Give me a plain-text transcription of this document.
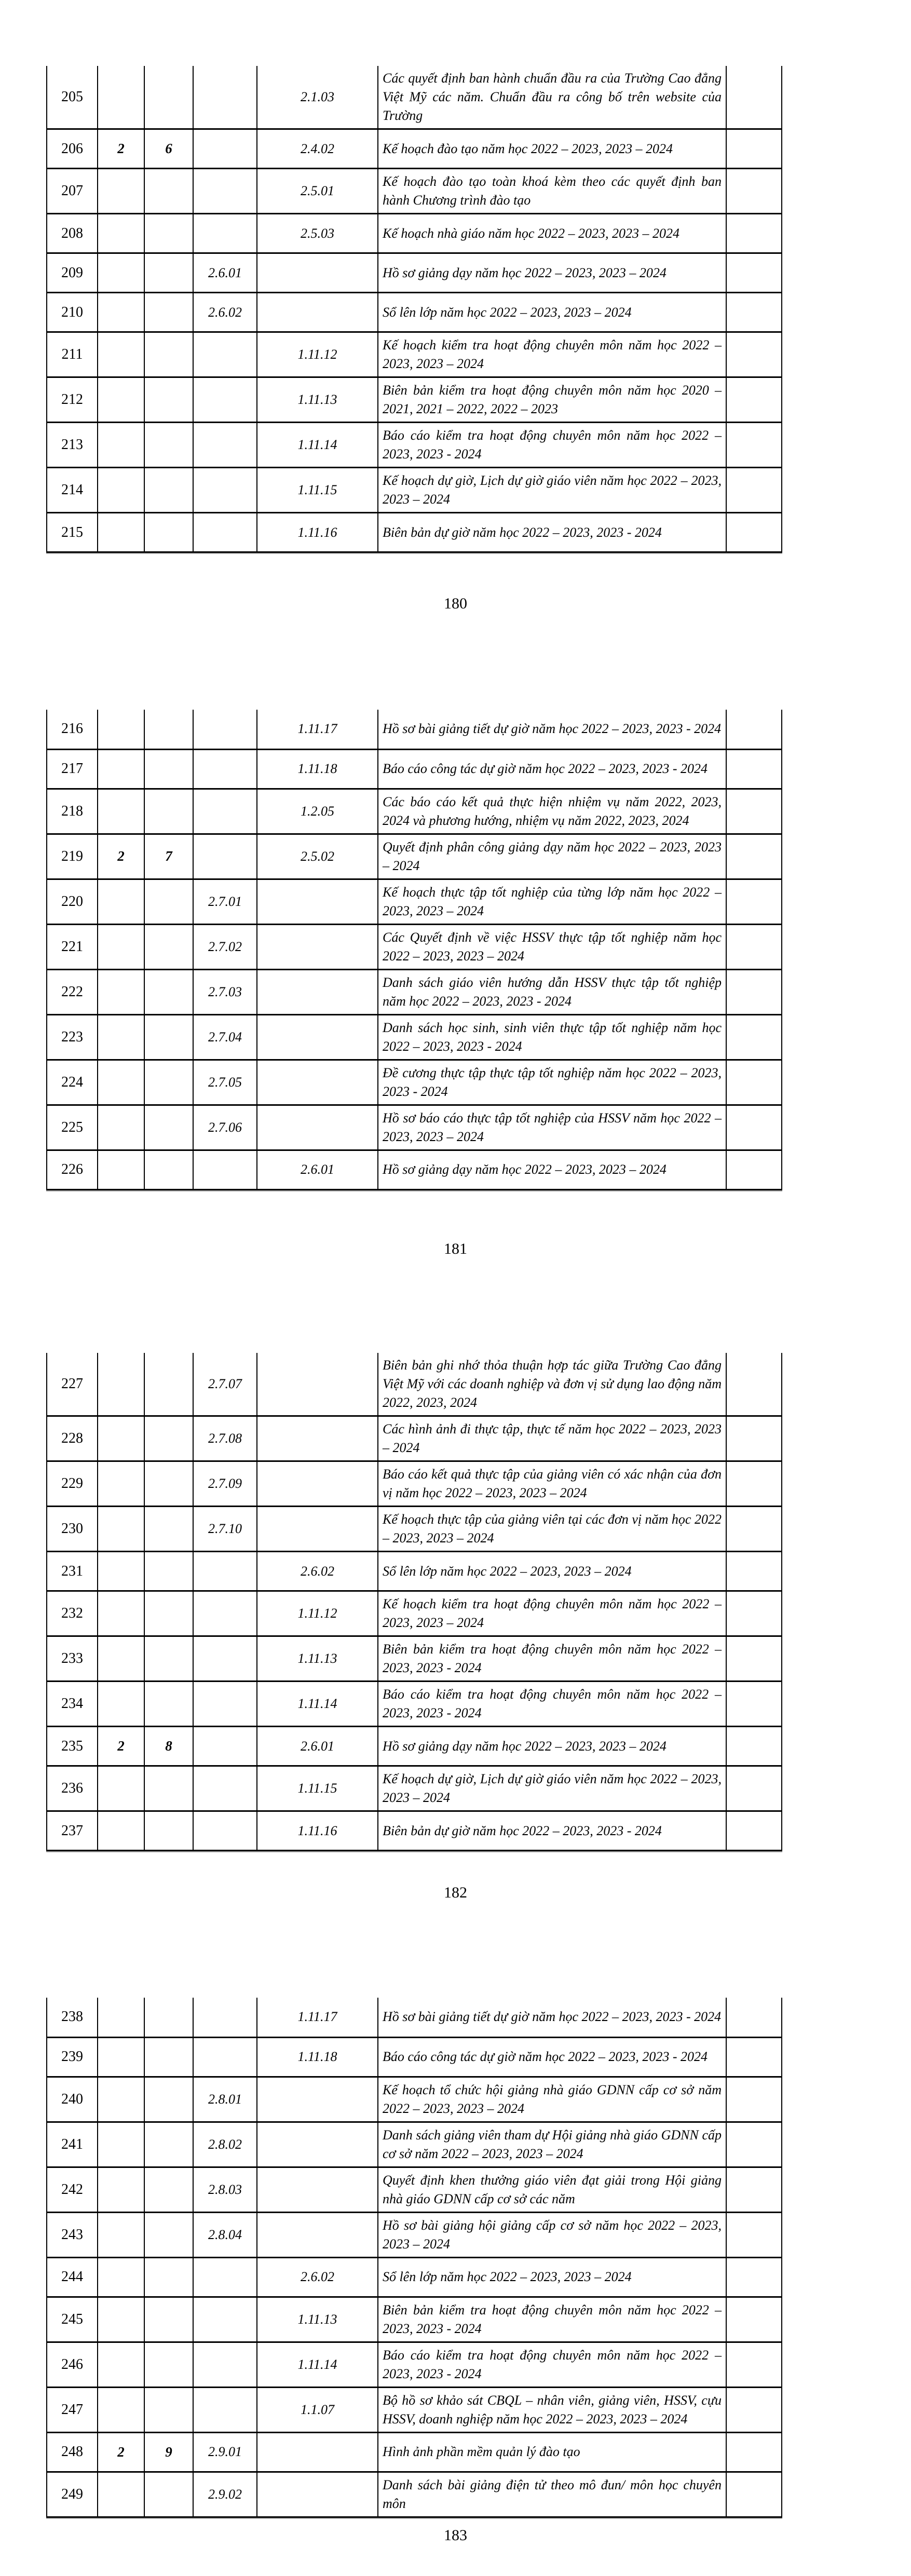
205				2.1.03	Các quyết định ban hành chuẩn đầu ra của Trường Cao đẳng Việt Mỹ các năm. Chuẩn đầu ra công bố trên website của Trường	
206	2	6		2.4.02	Kế hoạch đào tạo năm học 2022 – 2023, 2023 – 2024	
207				2.5.01	Kế hoạch đào tạo toàn khoá kèm theo các quyết định ban hành Chương trình đào tạo	
208				2.5.03	Kế hoạch nhà giáo năm học 2022 – 2023, 2023 – 2024	
209			2.6.01		Hồ sơ giảng dạy năm học 2022 – 2023, 2023 – 2024	
210			2.6.02		Sổ lên lớp năm học 2022 – 2023, 2023 – 2024	
211				1.11.12	Kế hoạch kiểm tra hoạt động chuyên môn năm học 2022 – 2023, 2023 – 2024	
212				1.11.13	Biên bản kiểm tra hoạt động chuyên môn năm học 2020 – 2021, 2021 – 2022, 2022 – 2023	
213				1.11.14	Báo cáo kiểm tra hoạt động chuyên môn năm học 2022 – 2023, 2023 - 2024	
214				1.11.15	Kế hoạch dự giờ, Lịch dự giờ giáo viên năm học 2022 – 2023, 2023 – 2024	
215				1.11.16	Biên bản dự giờ năm học 2022 – 2023, 2023 - 2024	
180
216				1.11.17	Hồ sơ bài giảng tiết dự giờ năm học 2022 – 2023, 2023 - 2024	
217				1.11.18	Báo cáo công tác dự giờ năm học 2022 – 2023, 2023 - 2024	
218				1.2.05	Các báo cáo kết quả thực hiện nhiệm vụ năm 2022, 2023, 2024 và phương hướng, nhiệm vụ năm 2022, 2023, 2024	
219	2	7		2.5.02	Quyết định phân công giảng dạy năm học 2022 – 2023, 2023 – 2024	
220			2.7.01		Kế hoạch thực tập tốt nghiệp của từng lớp năm học 2022 – 2023, 2023 – 2024	
221			2.7.02		Các Quyết định về việc HSSV thực tập tốt nghiệp năm học 2022 – 2023, 2023 – 2024	
222			2.7.03		Danh sách giáo viên hướng dẫn HSSV thực tập tốt nghiệp năm học 2022 – 2023, 2023 - 2024	
223			2.7.04		Danh sách học sinh, sinh viên thực tập tốt nghiệp năm học 2022 – 2023, 2023 - 2024	
224			2.7.05		Đề cương thực tập thực tập tốt nghiệp năm học 2022 – 2023, 2023 - 2024	
225			2.7.06		Hồ sơ báo cáo thực tập tốt nghiệp của HSSV năm học 2022 – 2023, 2023 – 2024	
226				2.6.01	Hồ sơ giảng dạy năm học 2022 – 2023, 2023 – 2024	
181
227			2.7.07		Biên bản ghi nhớ thỏa thuận hợp tác giữa Trường Cao đẳng Việt Mỹ với các doanh nghiệp và đơn vị sử dụng lao động năm 2022, 2023, 2024	
228			2.7.08		Các hình ảnh đi thực tập, thực tế năm học 2022 – 2023, 2023 – 2024	
229			2.7.09		Báo cáo kết quả thực tập của giảng viên có xác nhận của đơn vị năm học 2022 – 2023, 2023 – 2024	
230			2.7.10		Kế hoạch thực tập của giảng viên tại các đơn vị năm học 2022 – 2023, 2023 – 2024	
231				2.6.02	Sổ lên lớp năm học 2022 – 2023, 2023 – 2024	
232				1.11.12	Kế hoạch kiểm tra hoạt động chuyên môn năm học 2022 – 2023, 2023 – 2024	
233				1.11.13	Biên bản kiểm tra hoạt động chuyên môn năm học 2022 – 2023, 2023 - 2024	
234				1.11.14	Báo cáo kiểm tra hoạt động chuyên môn năm học 2022 – 2023, 2023 - 2024	
235	2	8		2.6.01	Hồ sơ giảng dạy năm học 2022 – 2023, 2023 – 2024	
236				1.11.15	Kế hoạch dự giờ, Lịch dự giờ giáo viên năm học 2022 – 2023, 2023 – 2024	
237				1.11.16	Biên bản dự giờ năm học 2022 – 2023, 2023 - 2024	
182
238				1.11.17	Hồ sơ bài giảng tiết dự giờ năm học 2022 – 2023, 2023 - 2024	
239				1.11.18	Báo cáo công tác dự giờ năm học 2022 – 2023, 2023 - 2024	
240			2.8.01		Kế hoạch tổ chức hội giảng nhà giáo GDNN cấp cơ sở năm 2022 – 2023, 2023 – 2024	
241			2.8.02		Danh sách giảng viên tham dự Hội giảng nhà giáo GDNN cấp cơ sở năm 2022 – 2023, 2023 – 2024	
242			2.8.03		Quyết định khen thưởng giáo viên đạt giải trong Hội giảng nhà giáo GDNN cấp cơ sở các năm	
243			2.8.04		Hồ sơ bài giảng hội giảng cấp cơ sở năm học 2022 – 2023, 2023 – 2024	
244				2.6.02	Sổ lên lớp năm học 2022 – 2023, 2023 – 2024	
245				1.11.13	Biên bản kiểm tra hoạt động chuyên môn năm học 2022 – 2023, 2023 - 2024	
246				1.11.14	Báo cáo kiểm tra hoạt động chuyên môn năm học 2022 – 2023, 2023 - 2024	
247				1.1.07	Bộ hồ sơ khảo sát CBQL – nhân viên, giảng viên, HSSV, cựu HSSV, doanh nghiệp năm học 2022 – 2023, 2023 – 2024	
248	2	9	2.9.01		Hình ảnh phần mềm quản lý đào tạo	
249			2.9.02		Danh sách bài giảng điện tử theo mô đun/ môn học chuyên môn	
183
